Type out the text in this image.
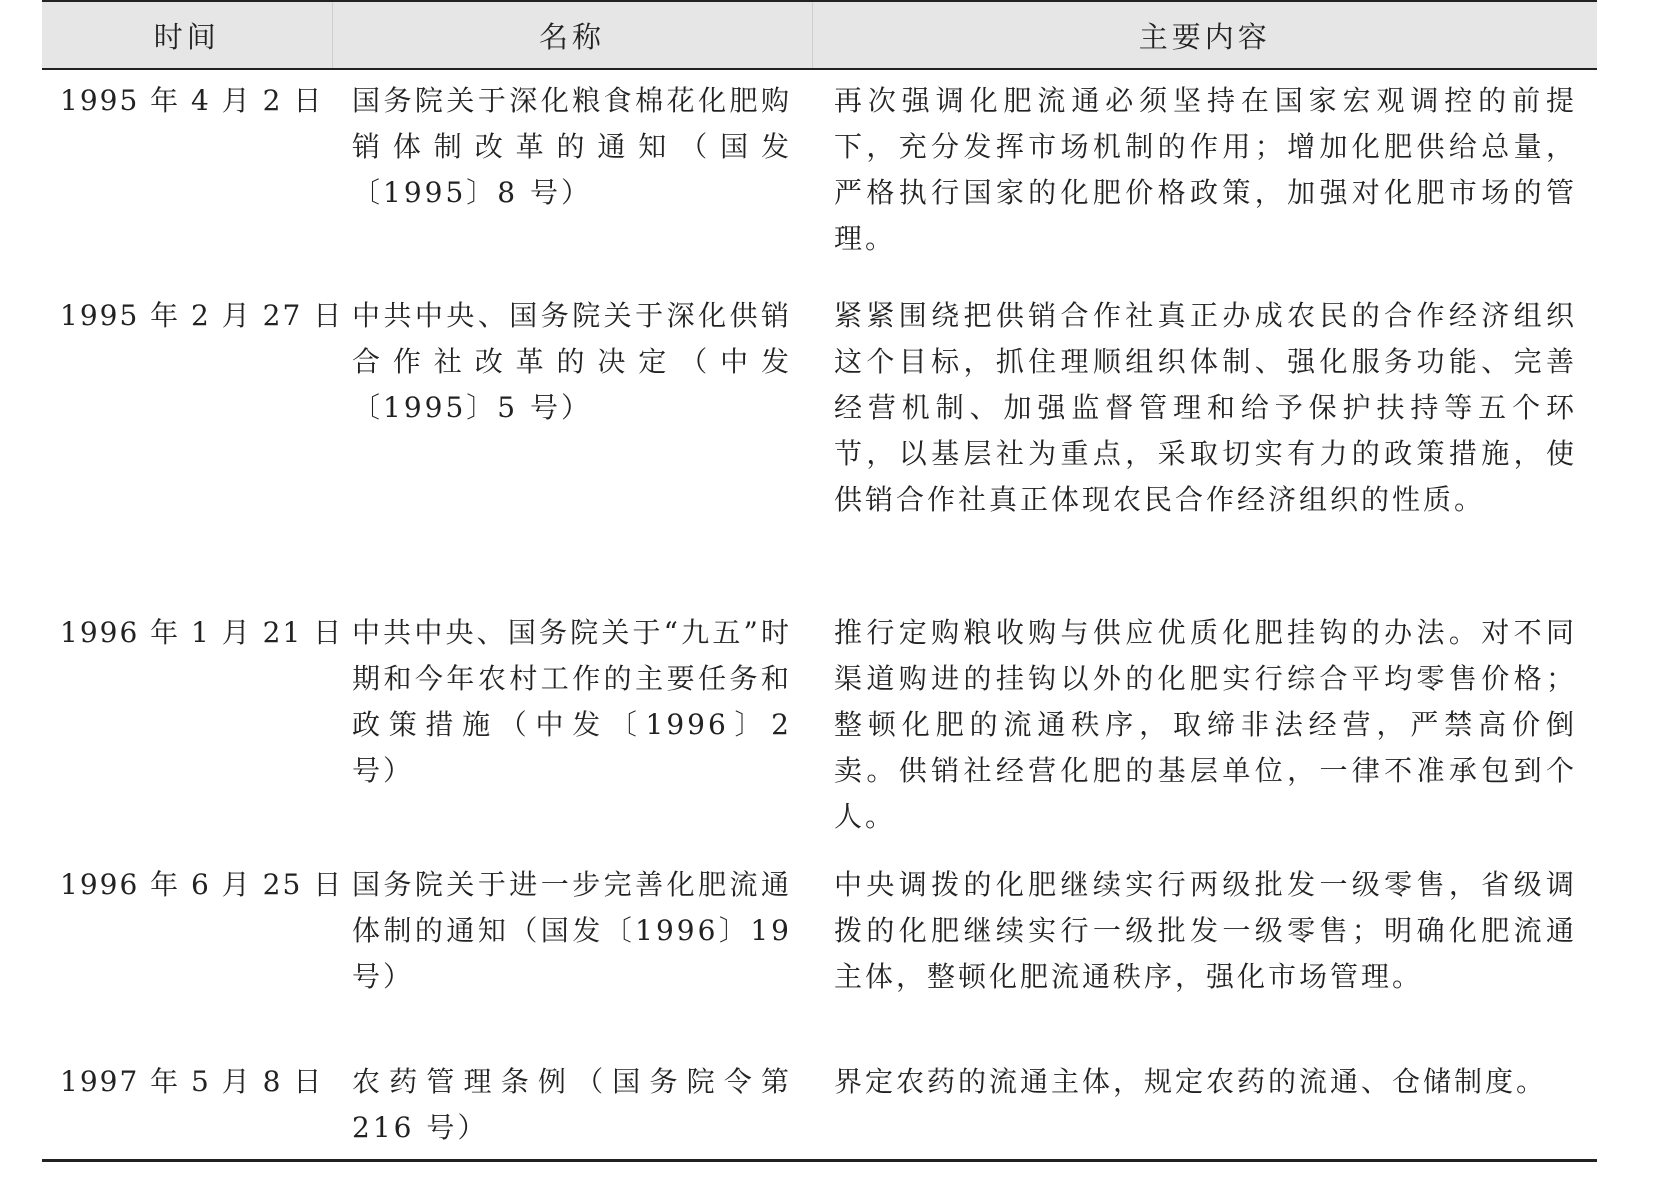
时间	名称	主要内容
1995 年 4 月 2 日	国务院关于深化粮食棉花化肥购销体制改革的通知（国发〔1995〕8 号）	再次强调化肥流通必须坚持在国家宏观调控的前提下，充分发挥市场机制的作用；增加化肥供给总量，严格执行国家的化肥价格政策，加强对化肥市场的管理。
1995 年 2 月 27 日	中共中央、国务院关于深化供销合作社改革的决定（中发〔1995〕5 号）	紧紧围绕把供销合作社真正办成农民的合作经济组织这个目标，抓住理顺组织体制、强化服务功能、完善经营机制、加强监督管理和给予保护扶持等五个环节，以基层社为重点，采取切实有力的政策措施，使供销合作社真正体现农民合作经济组织的性质。
1996 年 1 月 21 日	中共中央、国务院关于“九五”时期和今年农村工作的主要任务和政策措施（中发〔1996〕2 号）	推行定购粮收购与供应优质化肥挂钩的办法。对不同渠道购进的挂钩以外的化肥实行综合平均零售价格；整顿化肥的流通秩序，取缔非法经营，严禁高价倒卖。供销社经营化肥的基层单位，一律不准承包到个人。
1996 年 6 月 25 日	国务院关于进一步完善化肥流通体制的通知（国发〔1996〕19 号）	中央调拨的化肥继续实行两级批发一级零售，省级调拨的化肥继续实行一级批发一级零售；明确化肥流通主体，整顿化肥流通秩序，强化市场管理。
1997 年 5 月 8 日	农药管理条例（国务院令第 216 号）	界定农药的流通主体，规定农药的流通、仓储制度。
